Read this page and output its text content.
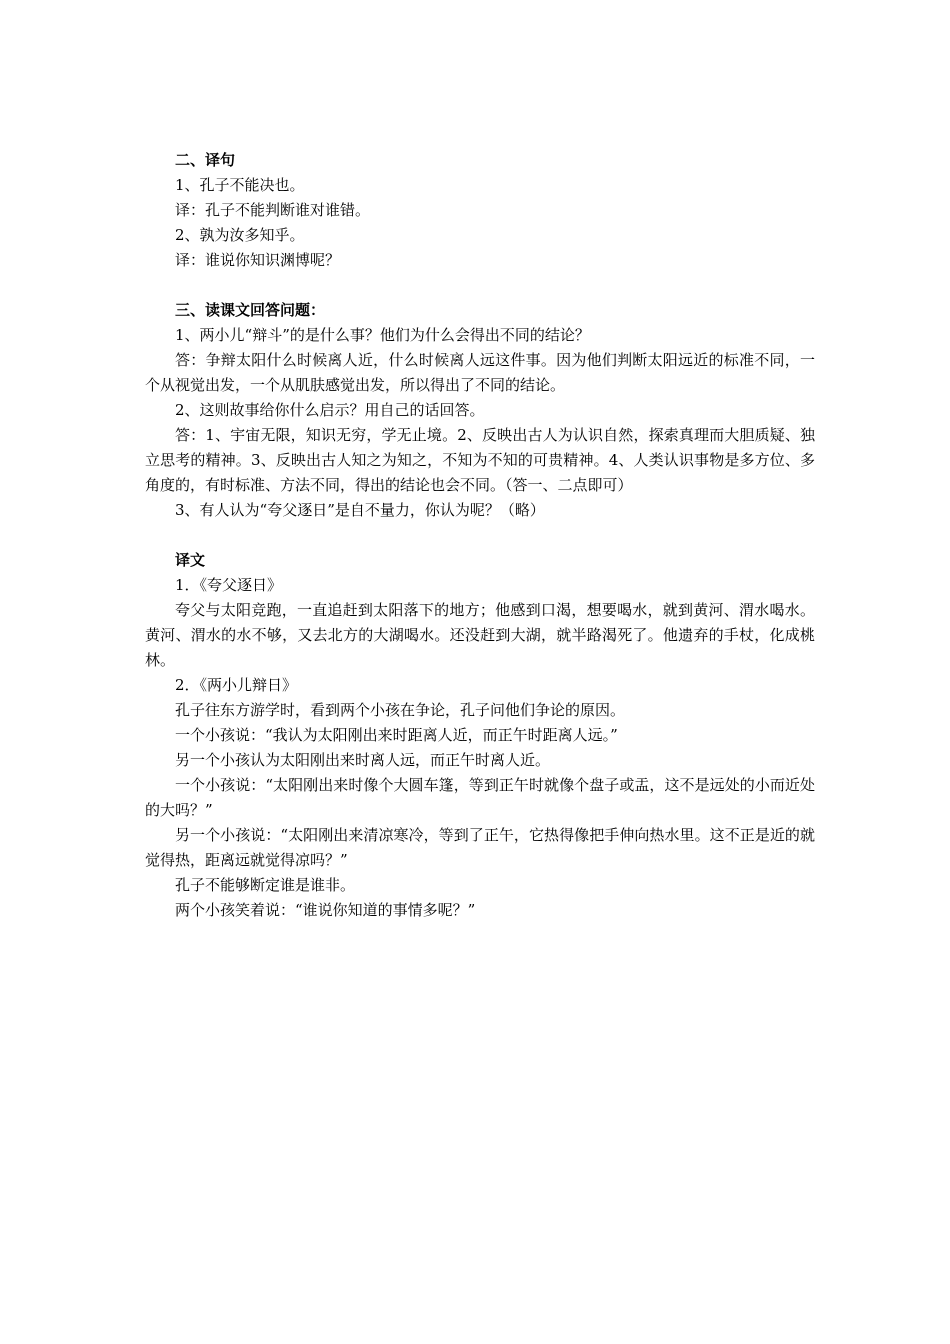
二、译句
1、孔子不能决也。
译：孔子不能判断谁对谁错。
2、孰为汝多知乎。
译：谁说你知识渊博呢？
三、读课文回答问题：
1、两小儿“辩斗”的是什么事？他们为什么会得出不同的结论？
答：争辩太阳什么时候离人近，什么时候离人远这件事。因为他们判断太阳远近的标准不同，一个从视觉出发，一个从肌肤感觉出发，所以得出了不同的结论。
2、这则故事给你什么启示？用自己的话回答。
答：1、宇宙无限，知识无穷，学无止境。2、反映出古人为认识自然，探索真理而大胆质疑、独立思考的精神。3、反映出古人知之为知之，不知为不知的可贵精神。4、人类认识事物是多方位、多角度的，有时标准、方法不同，得出的结论也会不同。（答一、二点即可）
3、有人认为“夸父逐日”是自不量力，你认为呢？（略）
译文
1．《夸父逐日》
夸父与太阳竞跑，一直追赶到太阳落下的地方；他感到口渴，想要喝水，就到黄河、渭水喝水。黄河、渭水的水不够，又去北方的大湖喝水。还没赶到大湖，就半路渴死了。他遗弃的手杖，化成桃林。
2．《两小儿辩日》
孔子往东方游学时，看到两个小孩在争论，孔子问他们争论的原因。
一个小孩说：“我认为太阳刚出来时距离人近，而正午时距离人远。”
另一个小孩认为太阳刚出来时离人远，而正午时离人近。
一个小孩说：“太阳刚出来时像个大圆车篷，等到正午时就像个盘子或盂，这不是远处的小而近处的大吗？”
另一个小孩说：“太阳刚出来清凉寒冷，等到了正午，它热得像把手伸向热水里。这不正是近的就觉得热，距离远就觉得凉吗？”
孔子不能够断定谁是谁非。
两个小孩笑着说：“谁说你知道的事情多呢？”
